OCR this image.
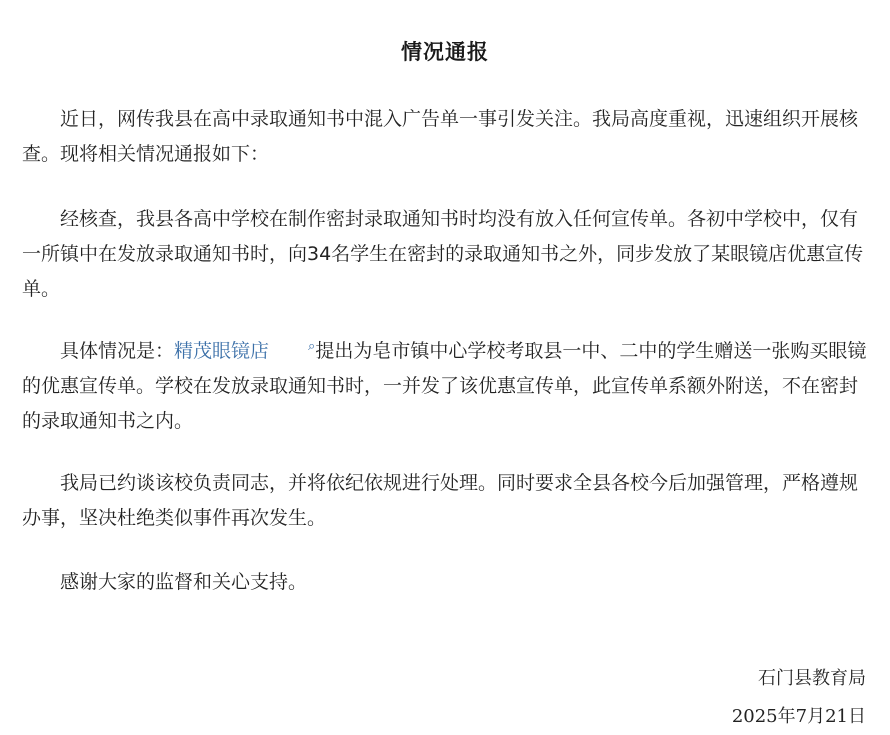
情况通报

近日，网传我县在高中录取通知书中混入广告单一事引发关注。我局高度重视，迅速组织开展核查。现将相关情况通报如下：

经核查，我县各高中学校在制作密封录取通知书时均没有放入任何宣传单。各初中学校中，仅有一所镇中在发放录取通知书时，向34名学生在密封的录取通知书之外，同步发放了某眼镜店优惠宣传单。

具体情况是：精茂眼镜店	⌕提出为皂市镇中心学校考取县一中、二中的学生赠送一张购买眼镜的优惠宣传单。学校在发放录取通知书时，一并发了该优惠宣传单，此宣传单系额外附送，不在密封的录取通知书之内。

我局已约谈该校负责同志，并将依纪依规进行处理。同时要求全县各校今后加强管理，严格遵规办事，坚决杜绝类似事件再次发生。

感谢大家的监督和关心支持。

石门县教育局
2025年7月21日
